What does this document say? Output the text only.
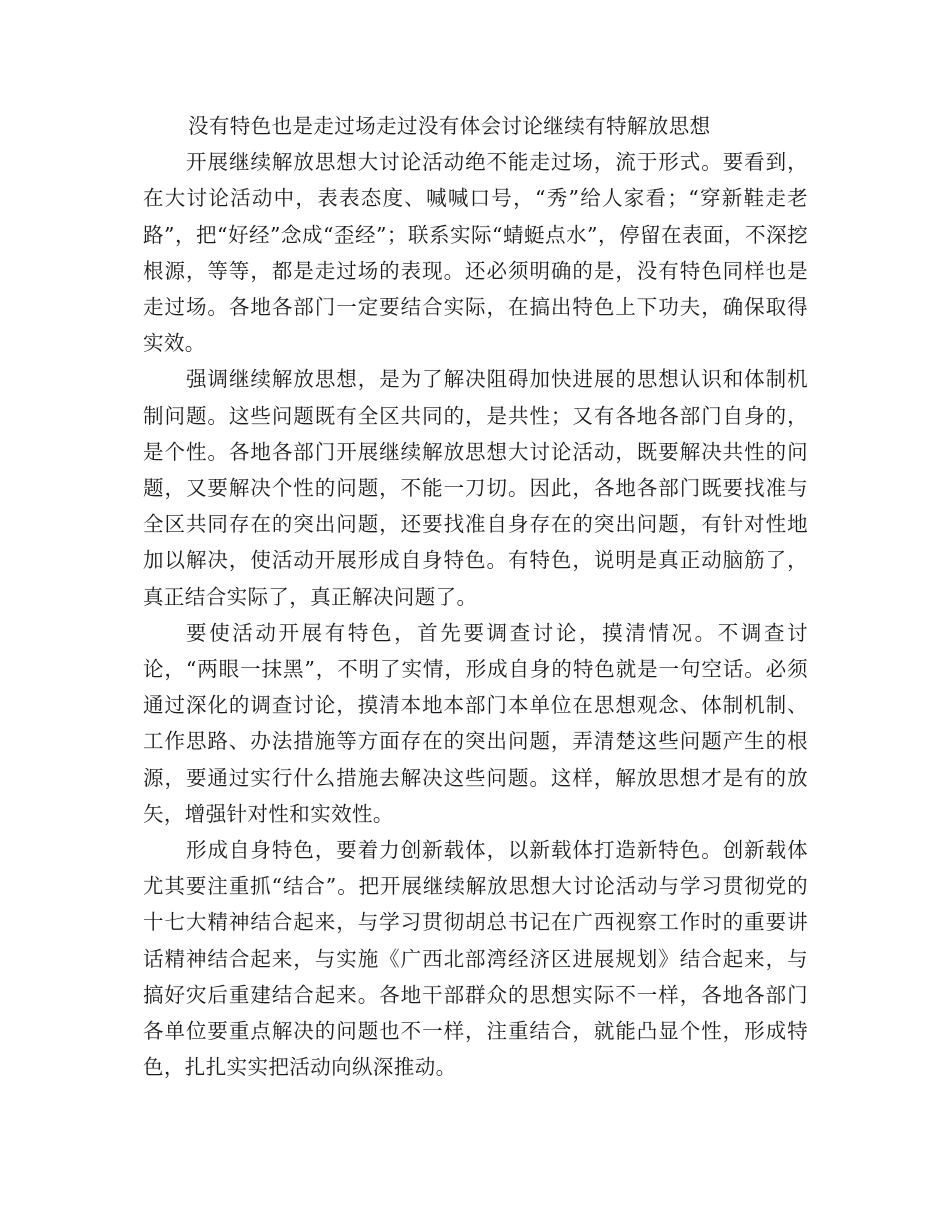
没有特色也是走过场走过没有体会讨论继续有特解放思想

开展继续解放思想大讨论活动绝不能走过场，流于形式。要看到，在大讨论活动中，表表态度、喊喊口号，“秀”给人家看；“穿新鞋走老路”，把“好经”念成“歪经”；联系实际“蜻蜓点水”，停留在表面，不深挖根源，等等，都是走过场的表现。还必须明确的是，没有特色同样也是走过场。各地各部门一定要结合实际，在搞出特色上下功夫，确保取得实效。

强调继续解放思想，是为了解决阻碍加快进展的思想认识和体制机制问题。这些问题既有全区共同的，是共性；又有各地各部门自身的，是个性。各地各部门开展继续解放思想大讨论活动，既要解决共性的问题，又要解决个性的问题，不能一刀切。因此，各地各部门既要找准与全区共同存在的突出问题，还要找准自身存在的突出问题，有针对性地加以解决，使活动开展形成自身特色。有特色，说明是真正动脑筋了，真正结合实际了，真正解决问题了。

要使活动开展有特色，首先要调查讨论，摸清情况。不调查讨论，“两眼一抹黑”，不明了实情，形成自身的特色就是一句空话。必须通过深化的调查讨论，摸清本地本部门本单位在思想观念、体制机制、工作思路、办法措施等方面存在的突出问题，弄清楚这些问题产生的根源，要通过实行什么措施去解决这些问题。这样，解放思想才是有的放矢，增强针对性和实效性。

形成自身特色，要着力创新载体，以新载体打造新特色。创新载体尤其要注重抓“结合”。把开展继续解放思想大讨论活动与学习贯彻党的十七大精神结合起来，与学习贯彻胡总书记在广西视察工作时的重要讲话精神结合起来，与实施《广西北部湾经济区进展规划》结合起来，与搞好灾后重建结合起来。各地干部群众的思想实际不一样，各地各部门各单位要重点解决的问题也不一样，注重结合，就能凸显个性，形成特色，扎扎实实把活动向纵深推动。
